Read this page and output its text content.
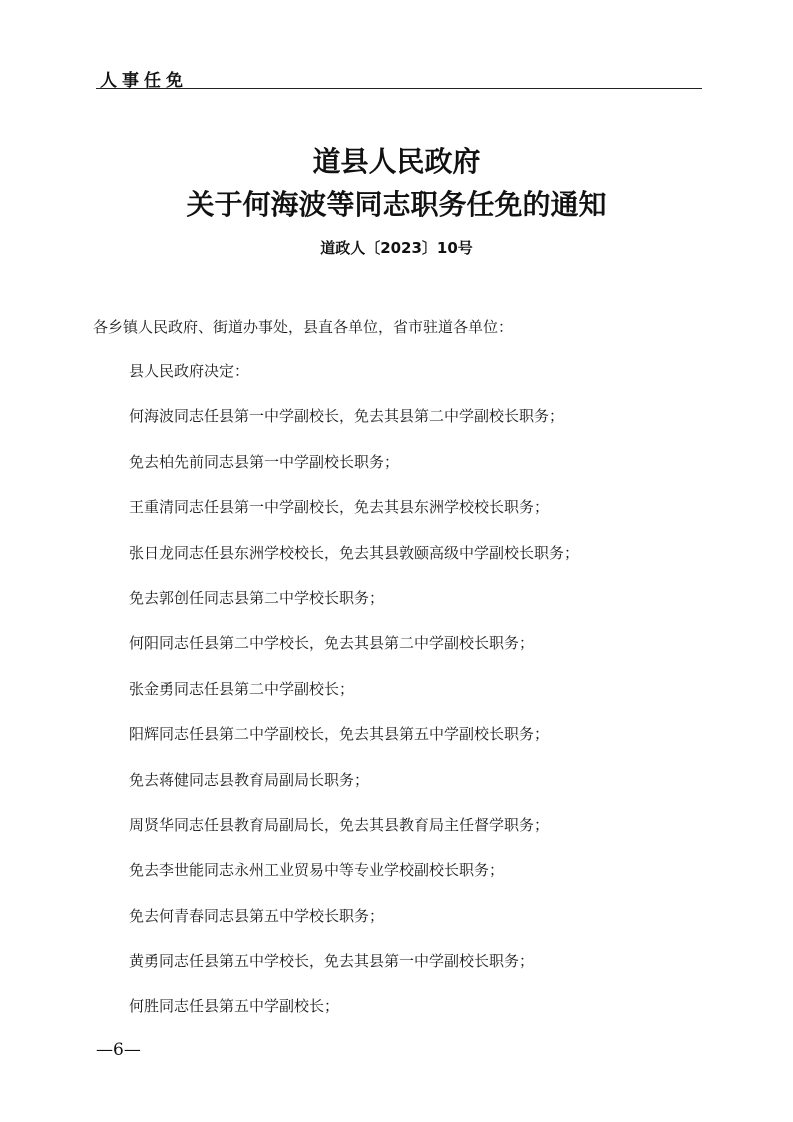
人事任免
道县人民政府
关于何海波等同志职务任免的通知
道政人〔2023〕10号
各乡镇人民政府、街道办事处，县直各单位，省市驻道各单位：
县人民政府决定：
何海波同志任县第一中学副校长，免去其县第二中学副校长职务；
免去柏先前同志县第一中学副校长职务；
王重清同志任县第一中学副校长，免去其县东洲学校校长职务；
张日龙同志任县东洲学校校长，免去其县敦颐高级中学副校长职务；
免去郭创任同志县第二中学校长职务；
何阳同志任县第二中学校长，免去其县第二中学副校长职务；
张金勇同志任县第二中学副校长；
阳辉同志任县第二中学副校长，免去其县第五中学副校长职务；
免去蒋健同志县教育局副局长职务；
周贤华同志任县教育局副局长，免去其县教育局主任督学职务；
免去李世能同志永州工业贸易中等专业学校副校长职务；
免去何青春同志县第五中学校长职务；
黄勇同志任县第五中学校长，免去其县第一中学副校长职务；
何胜同志任县第五中学副校长；
—6—
